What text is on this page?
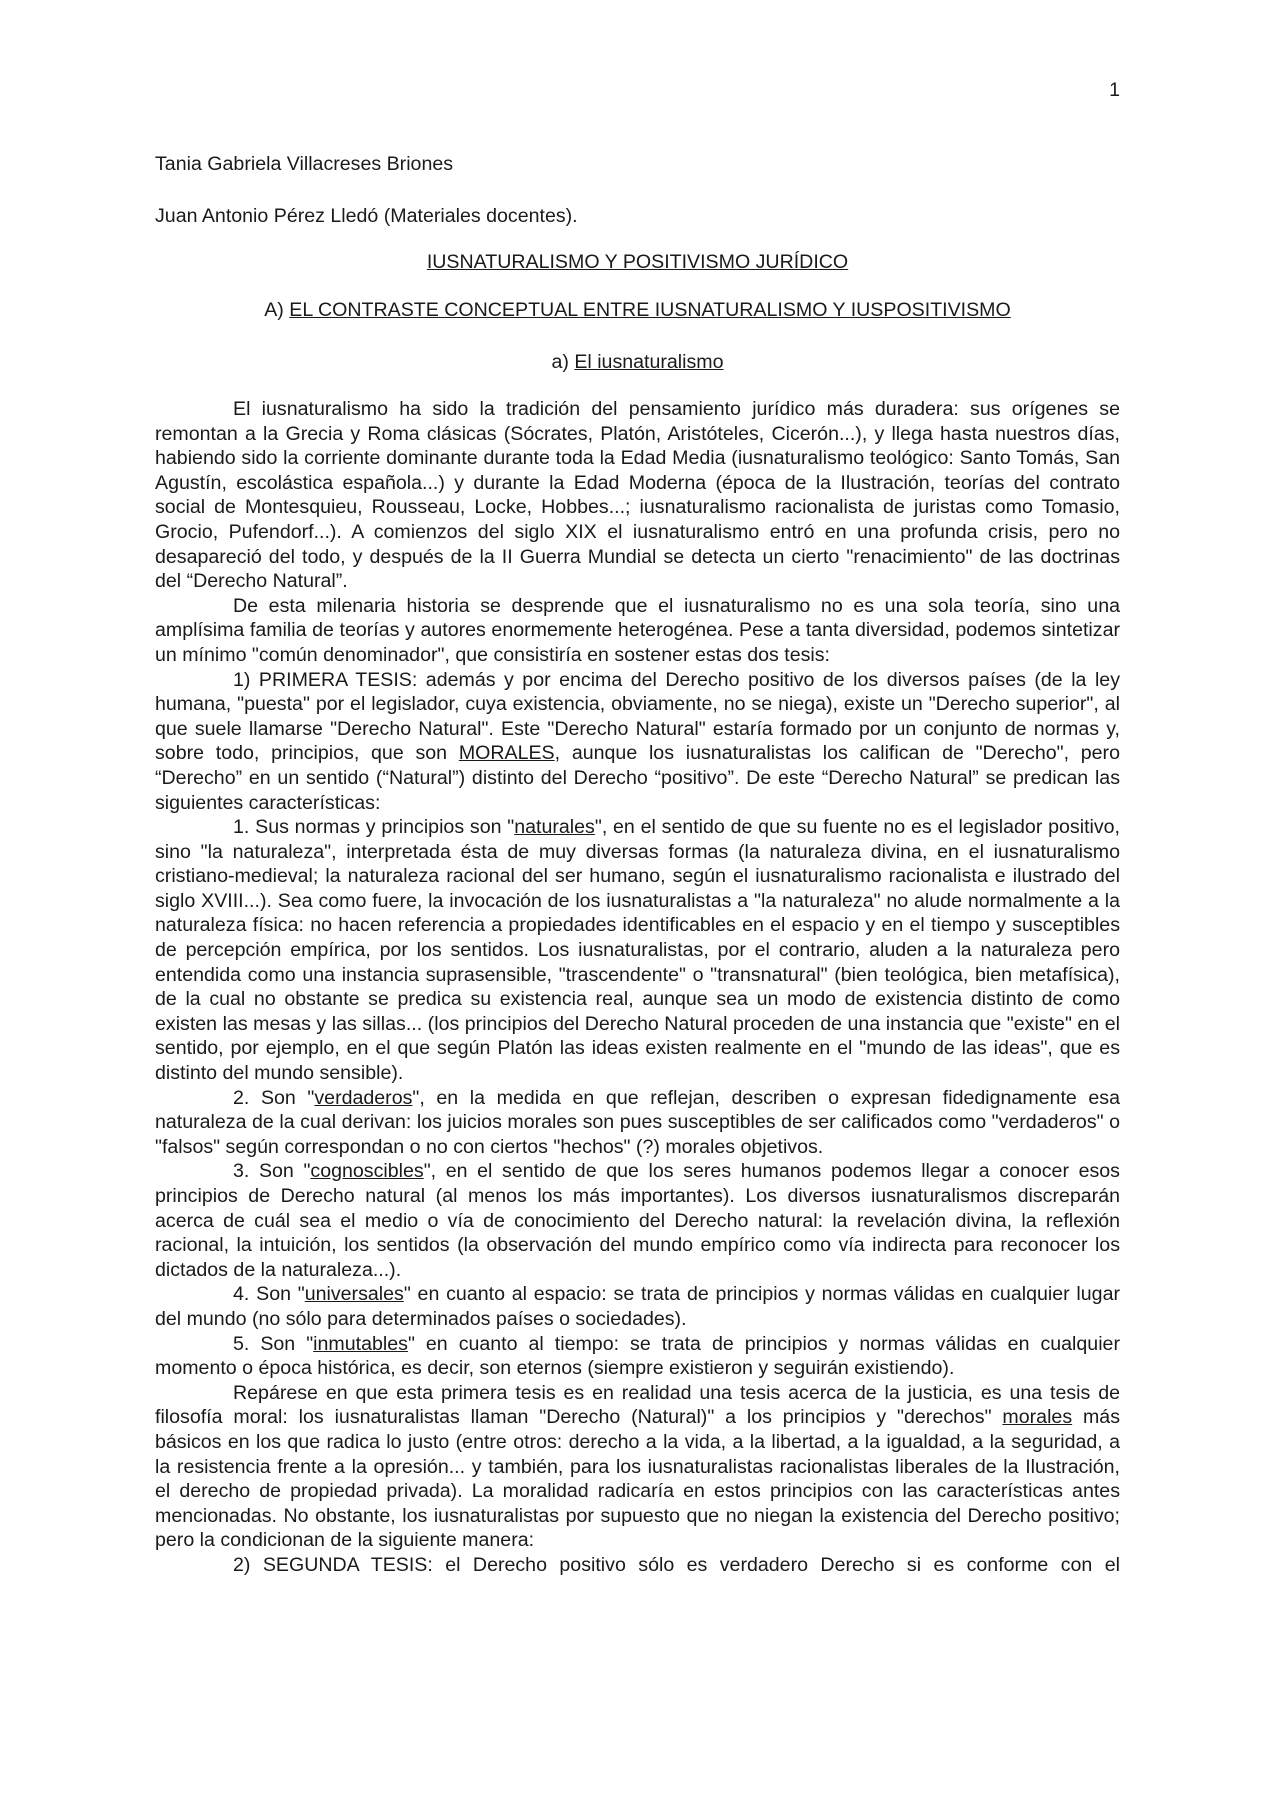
1
Tania Gabriela Villacreses Briones
Juan Antonio Pérez Lledó (Materiales docentes).
IUSNATURALISMO Y POSITIVISMO JURÍDICO
A) EL CONTRASTE CONCEPTUAL ENTRE IUSNATURALISMO Y IUSPOSITIVISMO
a) El iusnaturalismo

El iusnaturalismo ha sido la tradición del pensamiento jurídico más duradera: sus orígenes se remontan a la Grecia y Roma clásicas (Sócrates, Platón, Aristóteles, Cicerón...), y llega hasta nuestros días, habiendo sido la corriente dominante durante toda la Edad Media (iusnaturalismo teológico: Santo Tomás, San Agustín, escolástica española...) y durante la Edad Moderna (época de la Ilustración, teorías del contrato social de Montesquieu, Rousseau, Locke, Hobbes...; iusnaturalismo racionalista de juristas como Tomasio, Grocio, Pufendorf...). A comienzos del siglo XIX el iusnaturalismo entró en una profunda crisis, pero no desapareció del todo, y después de la II Guerra Mundial se detecta un cierto "renacimiento" de las doctrinas del “Derecho Natural”.

De esta milenaria historia se desprende que el iusnaturalismo no es una sola teoría, sino una amplísima familia de teorías y autores enormemente heterogénea. Pese a tanta diversidad, podemos sintetizar un mínimo "común denominador", que consistiría en sostener estas dos tesis:

1) PRIMERA TESIS: además y por encima del Derecho positivo de los diversos países (de la ley humana, "puesta" por el legislador, cuya existencia, obviamente, no se niega), existe un "Derecho superior", al que suele llamarse "Derecho Natural". Este "Derecho Natural" estaría formado por un conjunto de normas y, sobre todo, principios, que son MORALES, aunque los iusnaturalistas los califican de "Derecho", pero “Derecho” en un sentido (“Natural”) distinto del Derecho “positivo”. De este “Derecho Natural” se predican las siguientes características:

1. Sus normas y principios son "naturales", en el sentido de que su fuente no es el legislador positivo, sino "la naturaleza", interpretada ésta de muy diversas formas (la naturaleza divina, en el iusnaturalismo cristiano-medieval; la naturaleza racional del ser humano, según el iusnaturalismo racionalista e ilustrado del siglo XVIII...). Sea como fuere, la invocación de los iusnaturalistas a "la naturaleza" no alude normalmente a la naturaleza física: no hacen referencia a propiedades identificables en el espacio y en el tiempo y susceptibles de percepción empírica, por los sentidos. Los iusnaturalistas, por el contrario, aluden a la naturaleza pero entendida como una instancia suprasensible, "trascendente" o "transnatural" (bien teológica, bien metafísica), de la cual no obstante se predica su existencia real, aunque sea un modo de existencia distinto de como existen las mesas y las sillas... (los principios del Derecho Natural proceden de una instancia que "existe" en el sentido, por ejemplo, en el que según Platón las ideas existen realmente en el "mundo de las ideas", que es distinto del mundo sensible).

2. Son "verdaderos", en la medida en que reflejan, describen o expresan fidedignamente esa naturaleza de la cual derivan: los juicios morales son pues susceptibles de ser calificados como "verdaderos" o "falsos" según correspondan o no con ciertos "hechos" (?) morales objetivos.

3. Son "cognoscibles", en el sentido de que los seres humanos podemos llegar a conocer esos principios de Derecho natural (al menos los más importantes). Los diversos iusnaturalismos discreparán acerca de cuál sea el medio o vía de conocimiento del Derecho natural: la revelación divina, la reflexión racional, la intuición, los sentidos (la observación del mundo empírico como vía indirecta para reconocer los dictados de la naturaleza...).

4. Son "universales" en cuanto al espacio: se trata de principios y normas válidas en cualquier lugar del mundo (no sólo para determinados países o sociedades).

5. Son "inmutables" en cuanto al tiempo: se trata de principios y normas válidas en cualquier momento o época histórica, es decir, son eternos (siempre existieron y seguirán existiendo).

Repárese en que esta primera tesis es en realidad una tesis acerca de la justicia, es una tesis de filosofía moral: los iusnaturalistas llaman "Derecho (Natural)" a los principios y "derechos" morales más básicos en los que radica lo justo (entre otros: derecho a la vida, a la libertad, a la igualdad, a la seguridad, a la resistencia frente a la opresión... y también, para los iusnaturalistas racionalistas liberales de la Ilustración, el derecho de propiedad privada). La moralidad radicaría en estos principios con las características antes mencionadas. No obstante, los iusnaturalistas por supuesto que no niegan la existencia del Derecho positivo; pero la condicionan de la siguiente manera:

2) SEGUNDA TESIS: el Derecho positivo sólo es verdadero Derecho si es conforme con el
